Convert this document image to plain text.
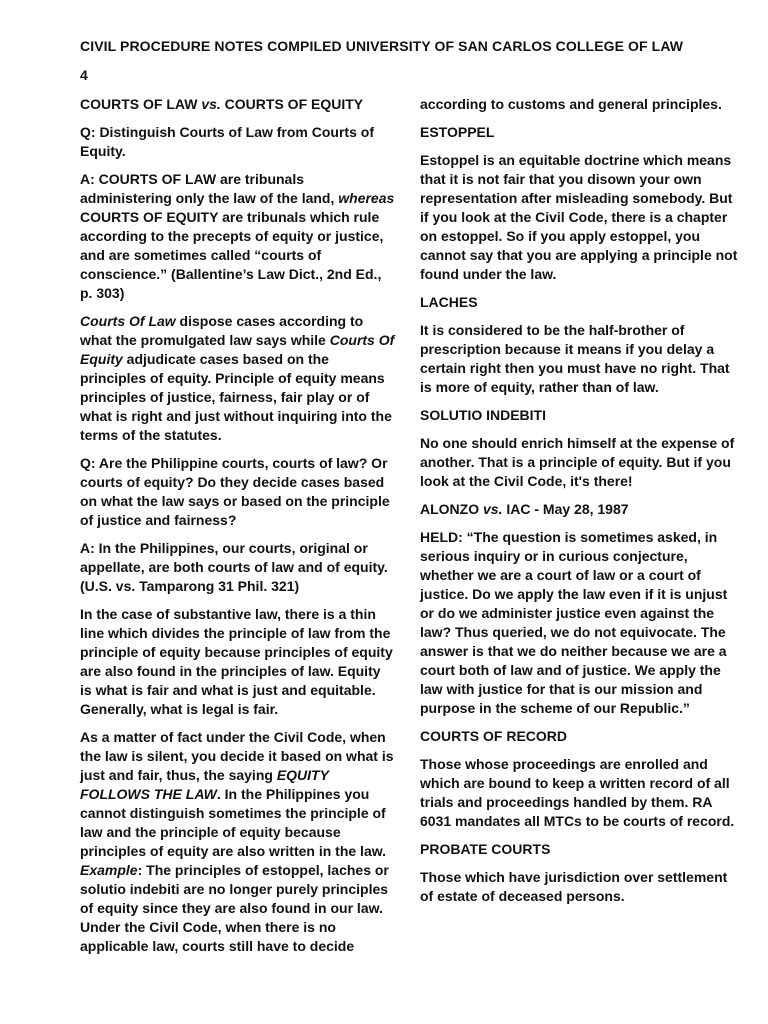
CIVIL PROCEDURE NOTES COMPILED UNIVERSITY OF SAN CARLOS COLLEGE OF LAW
4

COURTS OF LAW vs. COURTS OF EQUITY

Q: Distinguish Courts of Law from Courts of Equity.

A: COURTS OF LAW are tribunals administering only the law of the land, whereas COURTS OF EQUITY are tribunals which rule according to the precepts of equity or justice, and are sometimes called “courts of conscience.” (Ballentine’s Law Dict., 2nd Ed., p. 303)

Courts Of Law dispose cases according to what the promulgated law says while Courts Of Equity adjudicate cases based on the principles of equity. Principle of equity means principles of justice, fairness, fair play or of what is right and just without inquiring into the terms of the statutes.

Q: Are the Philippine courts, courts of law? Or courts of equity? Do they decide cases based on what the law says or based on the principle of justice and fairness?

A: In the Philippines, our courts, original or appellate, are both courts of law and of equity. (U.S. vs. Tamparong 31 Phil. 321)

In the case of substantive law, there is a thin line which divides the principle of law from the principle of equity because principles of equity are also found in the principles of law. Equity is what is fair and what is just and equitable. Generally, what is legal is fair.

As a matter of fact under the Civil Code, when the law is silent, you decide it based on what is just and fair, thus, the saying EQUITY FOLLOWS THE LAW. In the Philippines you cannot distinguish sometimes the principle of law and the principle of equity because principles of equity are also written in the law. Example: The principles of estoppel, laches or solutio indebiti are no longer purely principles of equity since they are also found in our law. Under the Civil Code, when there is no applicable law, courts still have to decide

according to customs and general principles.

ESTOPPEL

Estoppel is an equitable doctrine which means that it is not fair that you disown your own representation after misleading somebody. But if you look at the Civil Code, there is a chapter on estoppel. So if you apply estoppel, you cannot say that you are applying a principle not found under the law.

LACHES

It is considered to be the half-brother of prescription because it means if you delay a certain right then you must have no right. That is more of equity, rather than of law.

SOLUTIO INDEBITI

No one should enrich himself at the expense of another. That is a principle of equity. But if you look at the Civil Code, it's there!

ALONZO vs. IAC - May 28, 1987

HELD: “The question is sometimes asked, in serious inquiry or in curious conjecture, whether we are a court of law or a court of justice. Do we apply the law even if it is unjust or do we administer justice even against the law? Thus queried, we do not equivocate. The answer is that we do neither because we are a court both of law and of justice. We apply the law with justice for that is our mission and purpose in the scheme of our Republic.”

COURTS OF RECORD

Those whose proceedings are enrolled and which are bound to keep a written record of all trials and proceedings handled by them. RA 6031 mandates all MTCs to be courts of record.

PROBATE COURTS

Those which have jurisdiction over settlement of estate of deceased persons.
